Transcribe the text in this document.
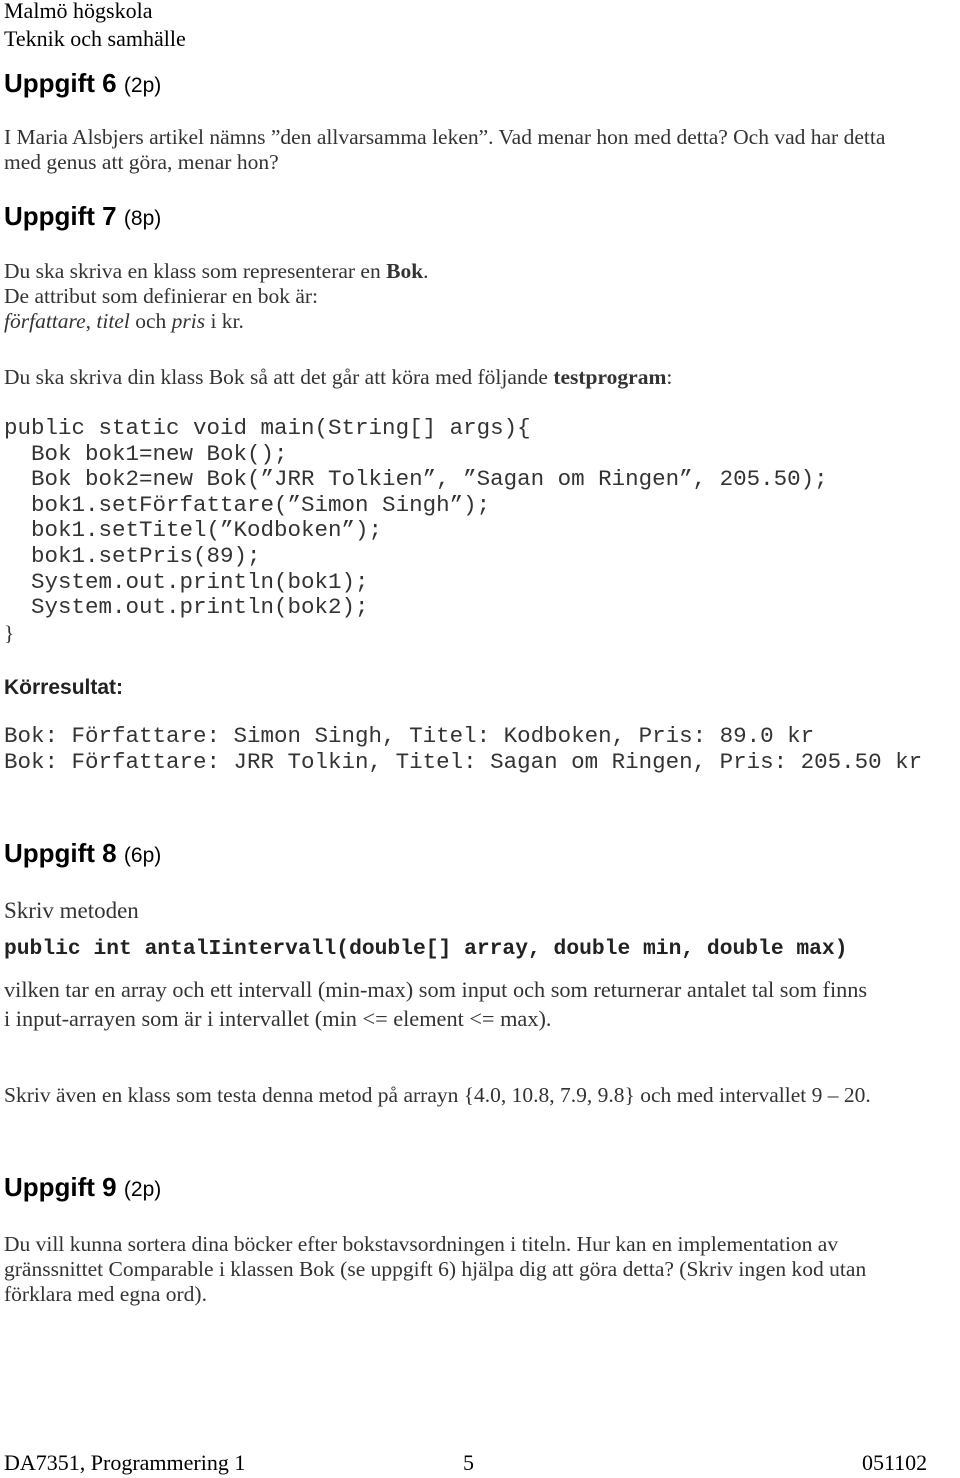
Malmö högskola
Teknik och samhälle
Uppgift 6 (2p)
I Maria Alsbjers artikel nämns ”den allvarsamma leken”. Vad menar hon med detta? Och vad har detta
med genus att göra, menar hon?
Uppgift 7 (8p)
Du ska skriva en klass som representerar en Bok.
De attribut som definierar en bok är:
författare, titel och pris i kr.
Du ska skriva din klass Bok så att det går att köra med följande testprogram:
public static void main(String[] args){
Bok bok1=new Bok();
Bok bok2=new Bok(”JRR Tolkien”, ”Sagan om Ringen”, 205.50);
bok1.setFörfattare(”Simon Singh”);
bok1.setTitel(”Kodboken”);
bok1.setPris(89);
System.out.println(bok1);
System.out.println(bok2);
}
Körresultat:
Bok: Författare: Simon Singh, Titel: Kodboken, Pris: 89.0 kr
Bok: Författare: JRR Tolkin, Titel: Sagan om Ringen, Pris: 205.50 kr
Uppgift 8 (6p)
Skriv metoden
public int antalIintervall(double[] array, double min, double max)
vilken tar en array och ett intervall (min-max) som input och som returnerar antalet tal som finns
i input-arrayen som är i intervallet (min <= element <= max).
Skriv även en klass som testa denna metod på arrayn {4.0, 10.8, 7.9, 9.8} och med intervallet 9 – 20.
Uppgift 9 (2p)
Du vill kunna sortera dina böcker efter bokstavsordningen i titeln. Hur kan en implementation av
gränssnittet Comparable i klassen Bok (se uppgift 6) hjälpa dig att göra detta? (Skriv ingen kod utan
förklara med egna ord).
DA7351, Programmering 1	5	051102
